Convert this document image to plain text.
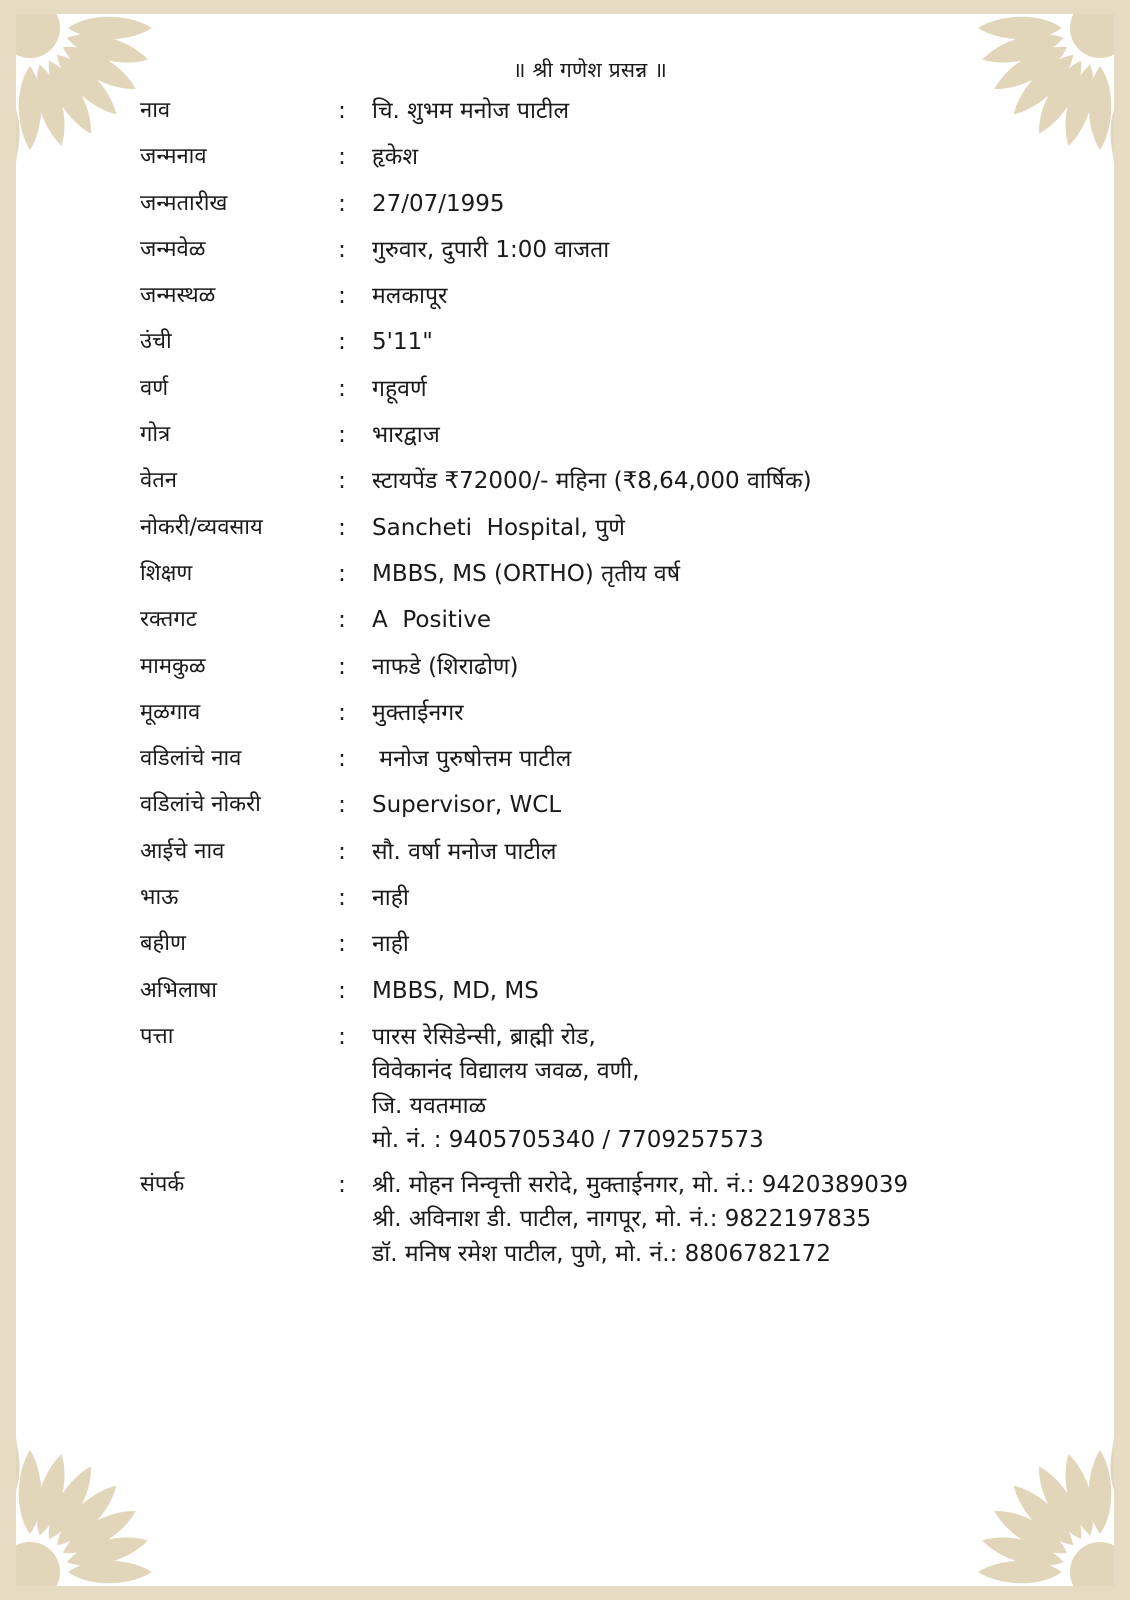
॥ श्री गणेश प्रसन्न ॥
नाव	:	चि. शुभम मनोज पाटील
जन्मनाव	:	हृकेश
जन्मतारीख	:	27/07/1995
जन्मवेळ	:	गुरुवार, दुपारी 1:00 वाजता
जन्मस्थळ	:	मलकापूर
उंची	:	5'11"
वर्ण	:	गहूवर्ण
गोत्र	:	भारद्वाज
वेतन	:	स्टायपेंड ₹72000/- महिना (₹8,64,000 वार्षिक)
नोकरी/व्यवसाय	:	Sancheti  Hospital, पुणे
शिक्षण	:	MBBS, MS (ORTHO) तृतीय वर्ष
रक्तगट	:	A  Positive
मामकुळ	:	नाफडे (शिराढोण)
मूळगाव	:	मुक्ताईनगर
वडिलांचे नाव	:	मनोज पुरुषोत्तम पाटील
वडिलांचे नोकरी	:	Supervisor, WCL
आईचे नाव	:	सौ. वर्षा मनोज पाटील
भाऊ	:	नाही
बहीण	:	नाही
अभिलाषा	:	MBBS, MD, MS
पत्ता	:	पारस रेसिडेन्सी, ब्राह्मी रोड,
विवेकानंद विद्यालय जवळ, वणी,
जि. यवतमाळ
मो. नं. : 9405705340 / 7709257573
संपर्क	:	श्री. मोहन निन्वृत्ती सरोदे, मुक्ताईनगर, मो. नं.: 9420389039
श्री. अविनाश डी. पाटील, नागपूर, मो. नं.: 9822197835
डॉ. मनिष रमेश पाटील, पुणे, मो. नं.: 8806782172
